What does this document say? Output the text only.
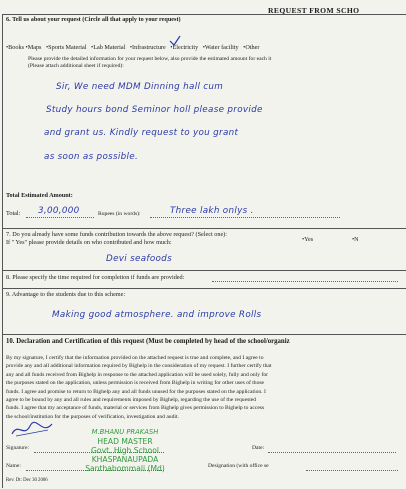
REQUEST FROM SCHO
6. Tell us about your request (Circle all that apply to your request)
•Books •Maps •Sports Material •Lab Material •Infrastructure •Electricity •Water facility •Other
Please provide the detailed information for your request below, also provide the estimated amount for each it
(Please attach additional sheet if required):
Sir, We need MDM Dinning hall cum
Study hours bond Seminor holl please provide
and grant us. Kindly request to you grant
as soon as possible.
Total Estimated Amount:
Total: 3,00,000	Rupees (in words):	Three lakh onlys .
7. Do you already have some funds contribution towards the above request? (Select one):
•Yes	•N
If " Yes" please provide details on who contributed and how much:
Devi seafoods
8. Please specify the time required for completion if funds are provided:
9. Advantage to the students due to this scheme:
Making good atmosphere. and improve Rolls
10. Declaration and Certification of this request (Must be completed by head of the school/organiz
By my signature, I certify that the information provided on the attached request is true and complete, and I agree to
provide any and all additional information required by Bighelp in the consideration of my request. I further certify that
any and all funds received from Bighelp in response to the attached application will be used solely, fully and only for
the purposes stated on the application, unless permission is received from Bighelp in writing for other uses of those
funds. I agree and promise to return to Bighelp any and all funds unused for the purposes stated on the application. I
agree to be bound by any and all rules and requirements imposed by Bighelp, regarding the use of the requested
funds. I agree that my acceptance of funds, material or services from Bighelp gives permission to Bighelp to access
the school/institution for the purposes of verification, investigation and audit.
Signature:	Date:
Name:	Designation (with office se
Rev. Dt: Dec 30 2006
M.BHANU PRAKASH
HEAD MASTER
Govt. High School
KHASPANAUPADA
Santhabommali (Md)
